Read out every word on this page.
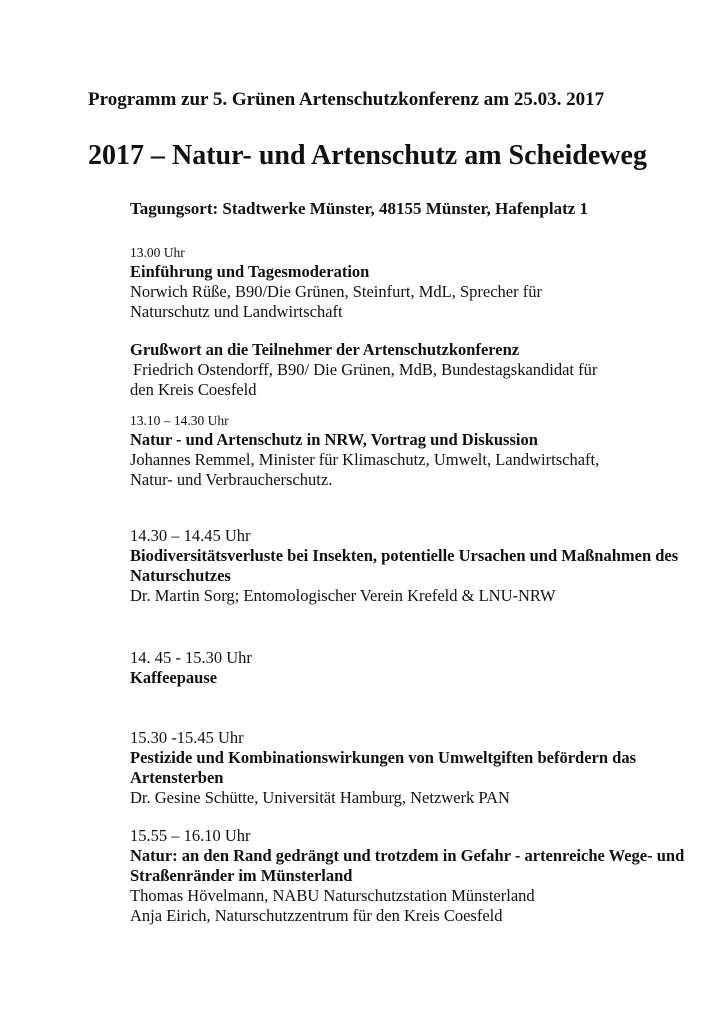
Programm zur 5. Grünen Artenschutzkonferenz am 25.03. 2017
2017 – Natur- und Artenschutz am Scheideweg
Tagungsort: Stadtwerke Münster, 48155 Münster, Hafenplatz 1
13.00 Uhr
Einführung und Tagesmoderation
Norwich Rüße, B90/Die Grünen, Steinfurt, MdL, Sprecher für
Naturschutz und Landwirtschaft
Grußwort an die Teilnehmer der Artenschutzkonferenz
Friedrich Ostendorff, B90/ Die Grünen, MdB, Bundestagskandidat für
den Kreis Coesfeld
13.10 – 14.30 Uhr
Natur - und Artenschutz in NRW, Vortrag und Diskussion
Johannes Remmel, Minister für Klimaschutz, Umwelt, Landwirtschaft,
Natur- und Verbraucherschutz.
14.30 – 14.45 Uhr
Biodiversitätsverluste bei Insekten, potentielle Ursachen und Maßnahmen des Naturschutzes
Dr. Martin Sorg; Entomologischer Verein Krefeld & LNU-NRW
14. 45 - 15.30 Uhr
Kaffeepause
15.30 -15.45 Uhr
Pestizide und Kombinationswirkungen von Umweltgiften befördern das Artensterben
Dr. Gesine Schütte, Universität Hamburg, Netzwerk PAN
15.55 – 16.10 Uhr
Natur: an den Rand gedrängt und trotzdem in Gefahr - artenreiche Wege- und Straßenränder im Münsterland
Thomas Hövelmann, NABU Naturschutzstation Münsterland
Anja Eirich, Naturschutzzentrum für den Kreis Coesfeld
